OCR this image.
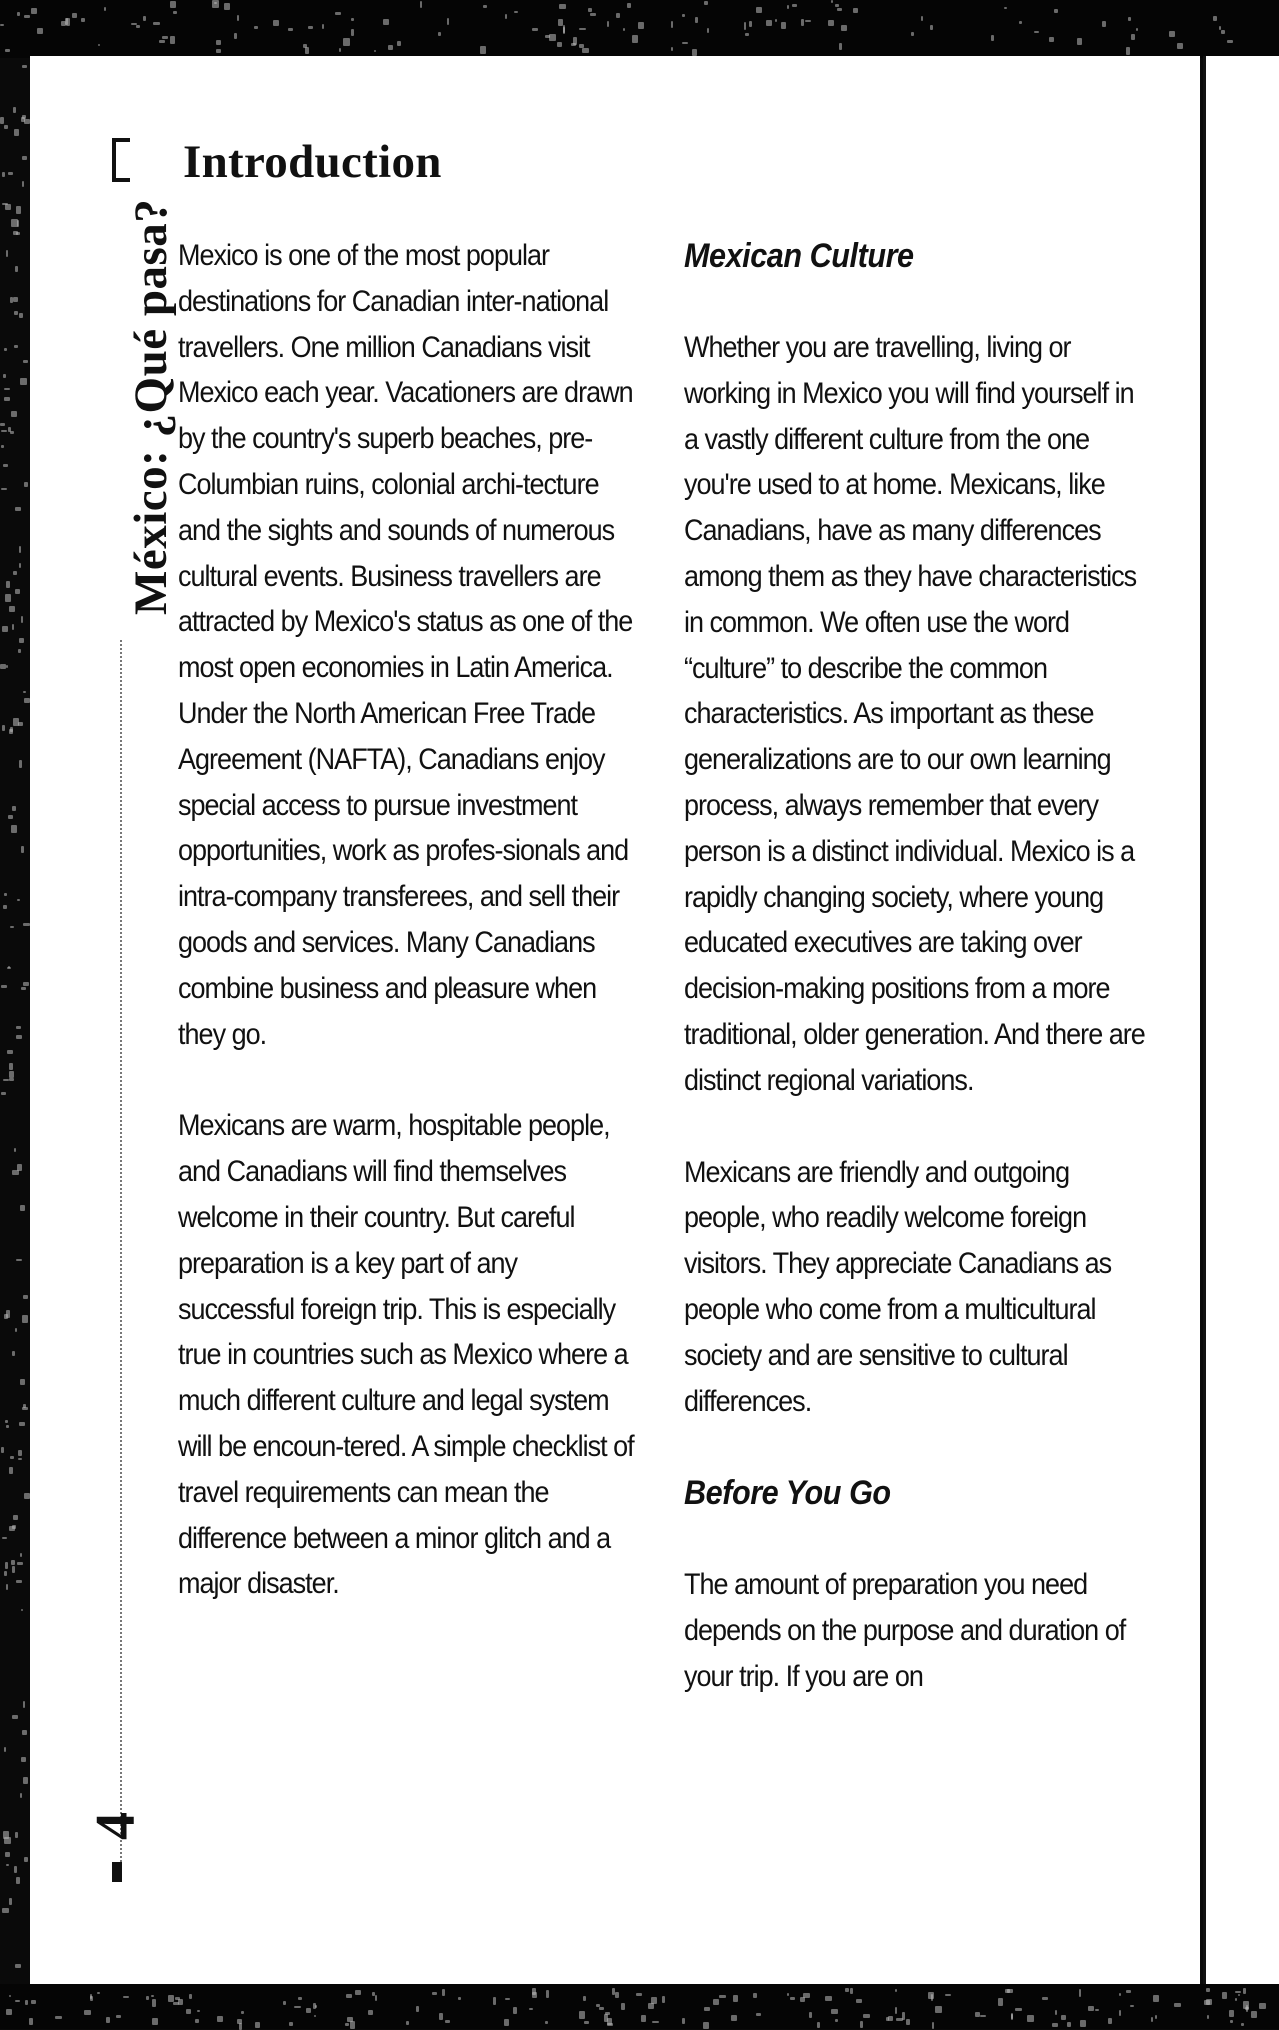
México: ¿Qué pasa?
4
Introduction

Mexico is one of the most popular destinations for Canadian inter-national travellers. One million Canadians visit Mexico each year. Vacationers are drawn by the country's superb beaches, pre-Columbian ruins, colonial archi-tecture and the sights and sounds of numerous cultural events. Business travellers are attracted by Mexico's status as one of the most open economies in Latin America. Under the North American Free Trade Agreement (NAFTA), Canadians enjoy special access to pursue investment opportunities, work as profes-sionals and intra-company transferees, and sell their goods and services. Many Canadians combine business and pleasure when they go.

Mexicans are warm, hospitable people, and Canadians will find themselves welcome in their country. But careful preparation is a key part of any successful foreign trip. This is especially true in countries such as Mexico where a much different culture and legal system will be encoun-tered. A simple checklist of travel requirements can mean the difference between a minor glitch and a major disaster.

Mexican Culture

Whether you are travelling, living or working in Mexico you will find yourself in a vastly different culture from the one you're used to at home. Mexicans, like Canadians, have as many differences among them as they have characteristics in common. We often use the word “culture” to describe the common characteristics. As important as these generalizations are to our own learning process, always remember that every person is a distinct individual. Mexico is a rapidly changing society, where young educated executives are taking over decision-making positions from a more traditional, older generation. And there are distinct regional variations.

Mexicans are friendly and outgoing people, who readily welcome foreign visitors. They appreciate Canadians as people who come from a multicultural society and are sensitive to cultural differences.

Before You Go

The amount of preparation you need depends on the purpose and duration of your trip. If you are on
